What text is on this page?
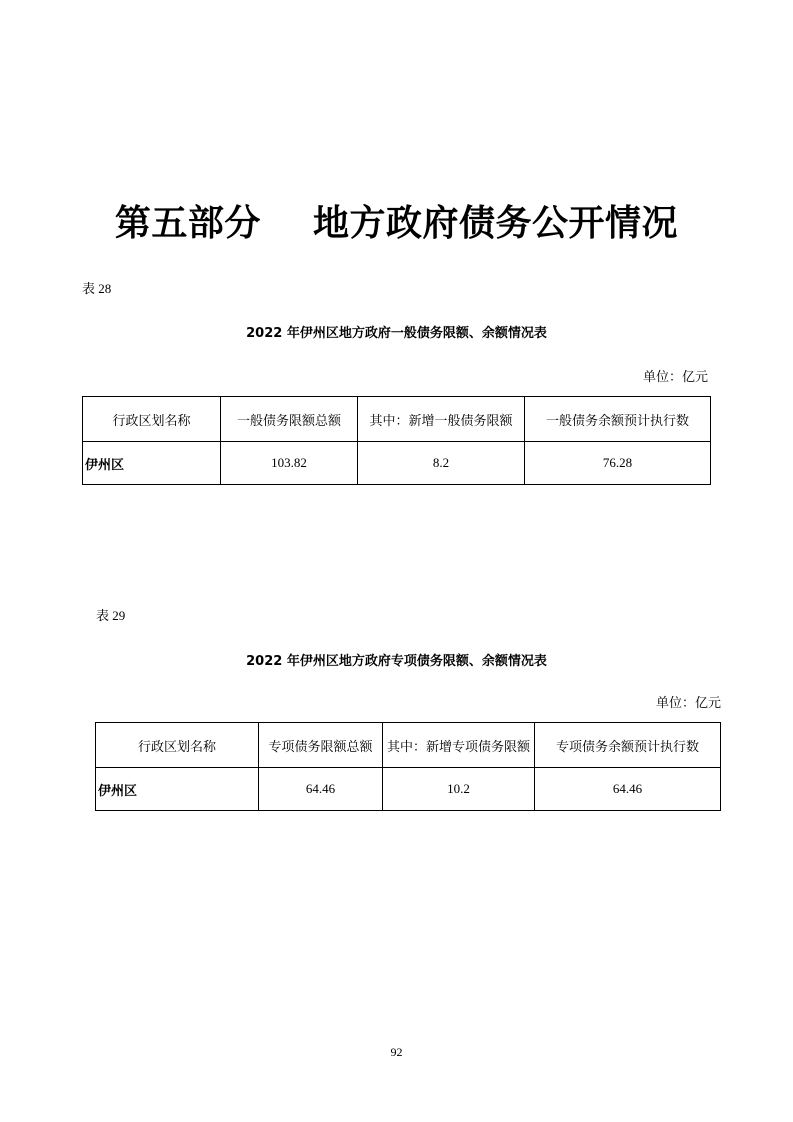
第五部分    地方政府债务公开情况
表 28
2022 年伊州区地方政府一般债务限额、余额情况表
单位：亿元
行政区划名称	一般债务限额总额	其中：新增一般债务限额	一般债务余额预计执行数
伊州区	103.82	8.2	76.28
表 29
2022 年伊州区地方政府专项债务限额、余额情况表
单位：亿元
行政区划名称	专项债务限额总额	其中：新增专项债务限额	专项债务余额预计执行数
伊州区	64.46	10.2	64.46
92
